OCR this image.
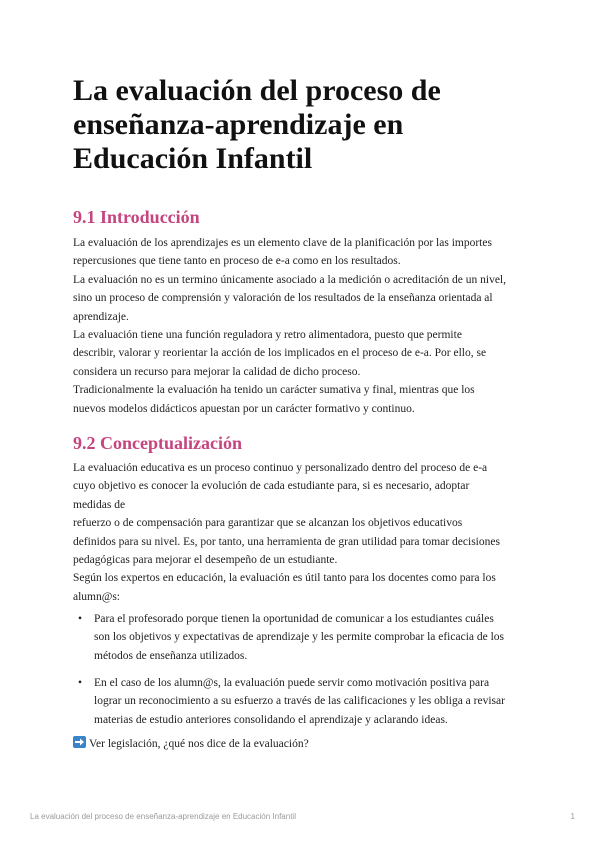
La evaluación del proceso de
enseñanza-aprendizaje en
Educación Infantil
9.1 Introducción
La evaluación de los aprendizajes es un elemento clave de la planificación por las importes
repercusiones que tiene tanto en proceso de e-a como en los resultados.
La evaluación no es un termino únicamente asociado a la medición o acreditación de un nivel,
sino un proceso de comprensión y valoración de los resultados de la enseñanza orientada al
aprendizaje.
La evaluación tiene una función reguladora y retro alimentadora, puesto que permite
describir, valorar y reorientar la acción de los implicados en el proceso de e-a. Por ello, se
considera un recurso para mejorar la calidad de dicho proceso.
Tradicionalmente la evaluación ha tenido un carácter sumativa y final, mientras que los
nuevos modelos didácticos apuestan por un carácter formativo y continuo.
9.2 Conceptualización
La evaluación educativa es un proceso continuo y personalizado dentro del proceso de e-a
cuyo objetivo es conocer la evolución de cada estudiante para, si es necesario, adoptar
medidas de
refuerzo o de compensación para garantizar que se alcanzan los objetivos educativos
definidos para su nivel. Es, por tanto, una herramienta de gran utilidad para tomar decisiones
pedagógicas para mejorar el desempeño de un estudiante.
Según los expertos en educación, la evaluación es útil tanto para los docentes como para los
alumn@s:
• Para el profesorado porque tienen la oportunidad de comunicar a los estudiantes cuáles
son los objetivos y expectativas de aprendizaje y les permite comprobar la eficacia de los
métodos de enseñanza utilizados.
• En el caso de los alumn@s, la evaluación puede servir como motivación positiva para
lograr un reconocimiento a su esfuerzo a través de las calificaciones y les obliga a revisar
materias de estudio anteriores consolidando el aprendizaje y aclarando ideas.
Ver legislación, ¿qué nos dice de la evaluación?
La evaluación del proceso de enseñanza-aprendizaje en Educación Infantil	1
